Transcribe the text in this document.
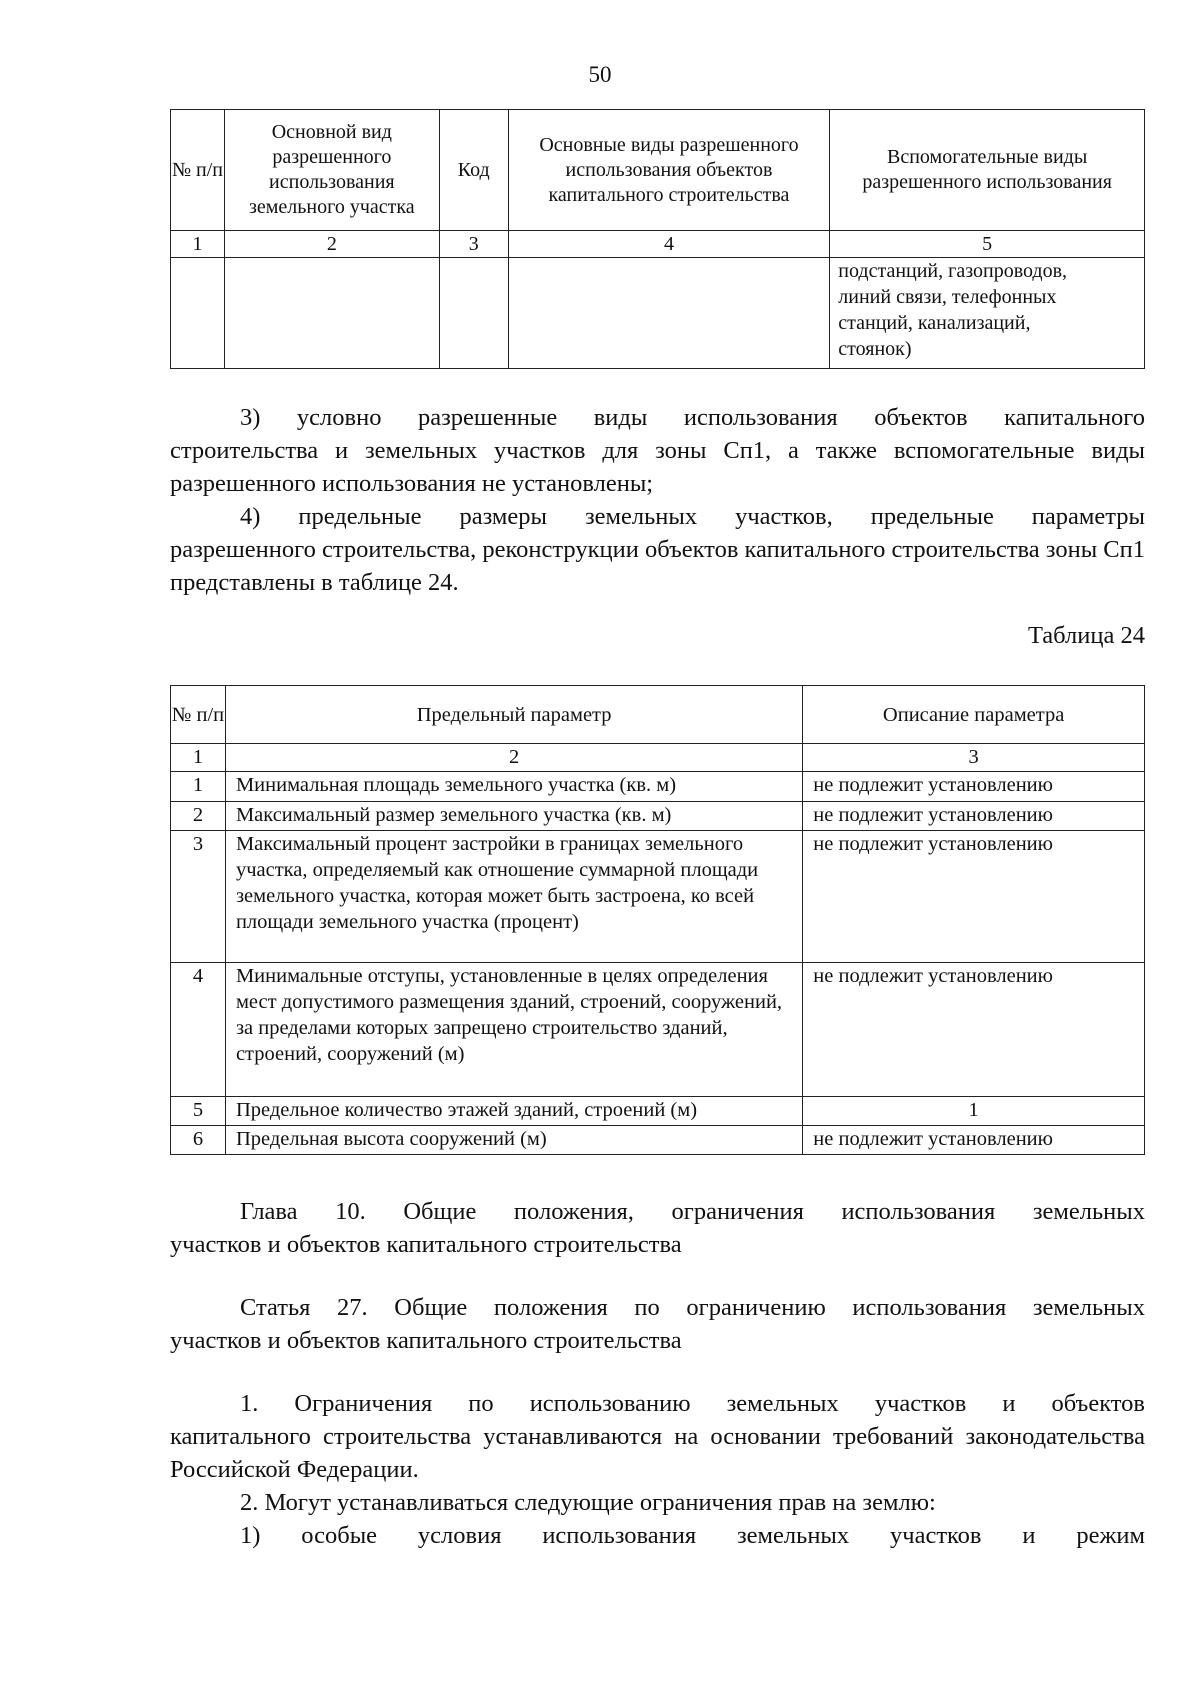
50
№ п/п	Основной вид разрешенного использования земельного участка	Код	Основные виды разрешенного использования объектов капитального строительства	Вспомогательные виды разрешенного использования
1	2	3	4	5

				подстанций, газопроводов,
линий связи, телефонных
станций, канализаций,
стоянок)
3) условно разрешенные виды использования объектов капитального
строительства и земельных участков для зоны Сп1, а также вспомогательные виды разрешенного использования не установлены;
4) предельные размеры земельных участков, предельные параметры
разрешенного строительства, реконструкции объектов капитального строительства зоны Сп1 представлены в таблице 24.
Таблица 24
№ п/п	Предельный параметр	Описание параметра
1	2	3
1	Минимальная площадь земельного участка (кв. м)	не подлежит установлению
2	Максимальный размер земельного участка (кв. м)	не подлежит установлению
3	Максимальный процент застройки в границах земельного участка, определяемый как отношение суммарной площади земельного участка, которая может быть застроена, ко всей площади земельного участка (процент)	не подлежит установлению
4	Минимальные отступы, установленные в целях определения мест допустимого размещения зданий, строений, сооружений, за пределами которых запрещено строительство зданий, строений, сооружений (м)	не подлежит установлению
5	Предельное количество этажей зданий, строений (м)	1
6	Предельная высота сооружений (м)	не подлежит установлению
Глава 10. Общие положения, ограничения использования земельных
участков и объектов капитального строительства
Статья 27. Общие положения по ограничению использования земельных
участков и объектов капитального строительства
1. Ограничения по использованию земельных участков и объектов
капитального строительства устанавливаются на основании требований законодательства Российской Федерации.
2. Могут устанавливаться следующие ограничения прав на землю:
1) особые условия использования земельных участков и режим
